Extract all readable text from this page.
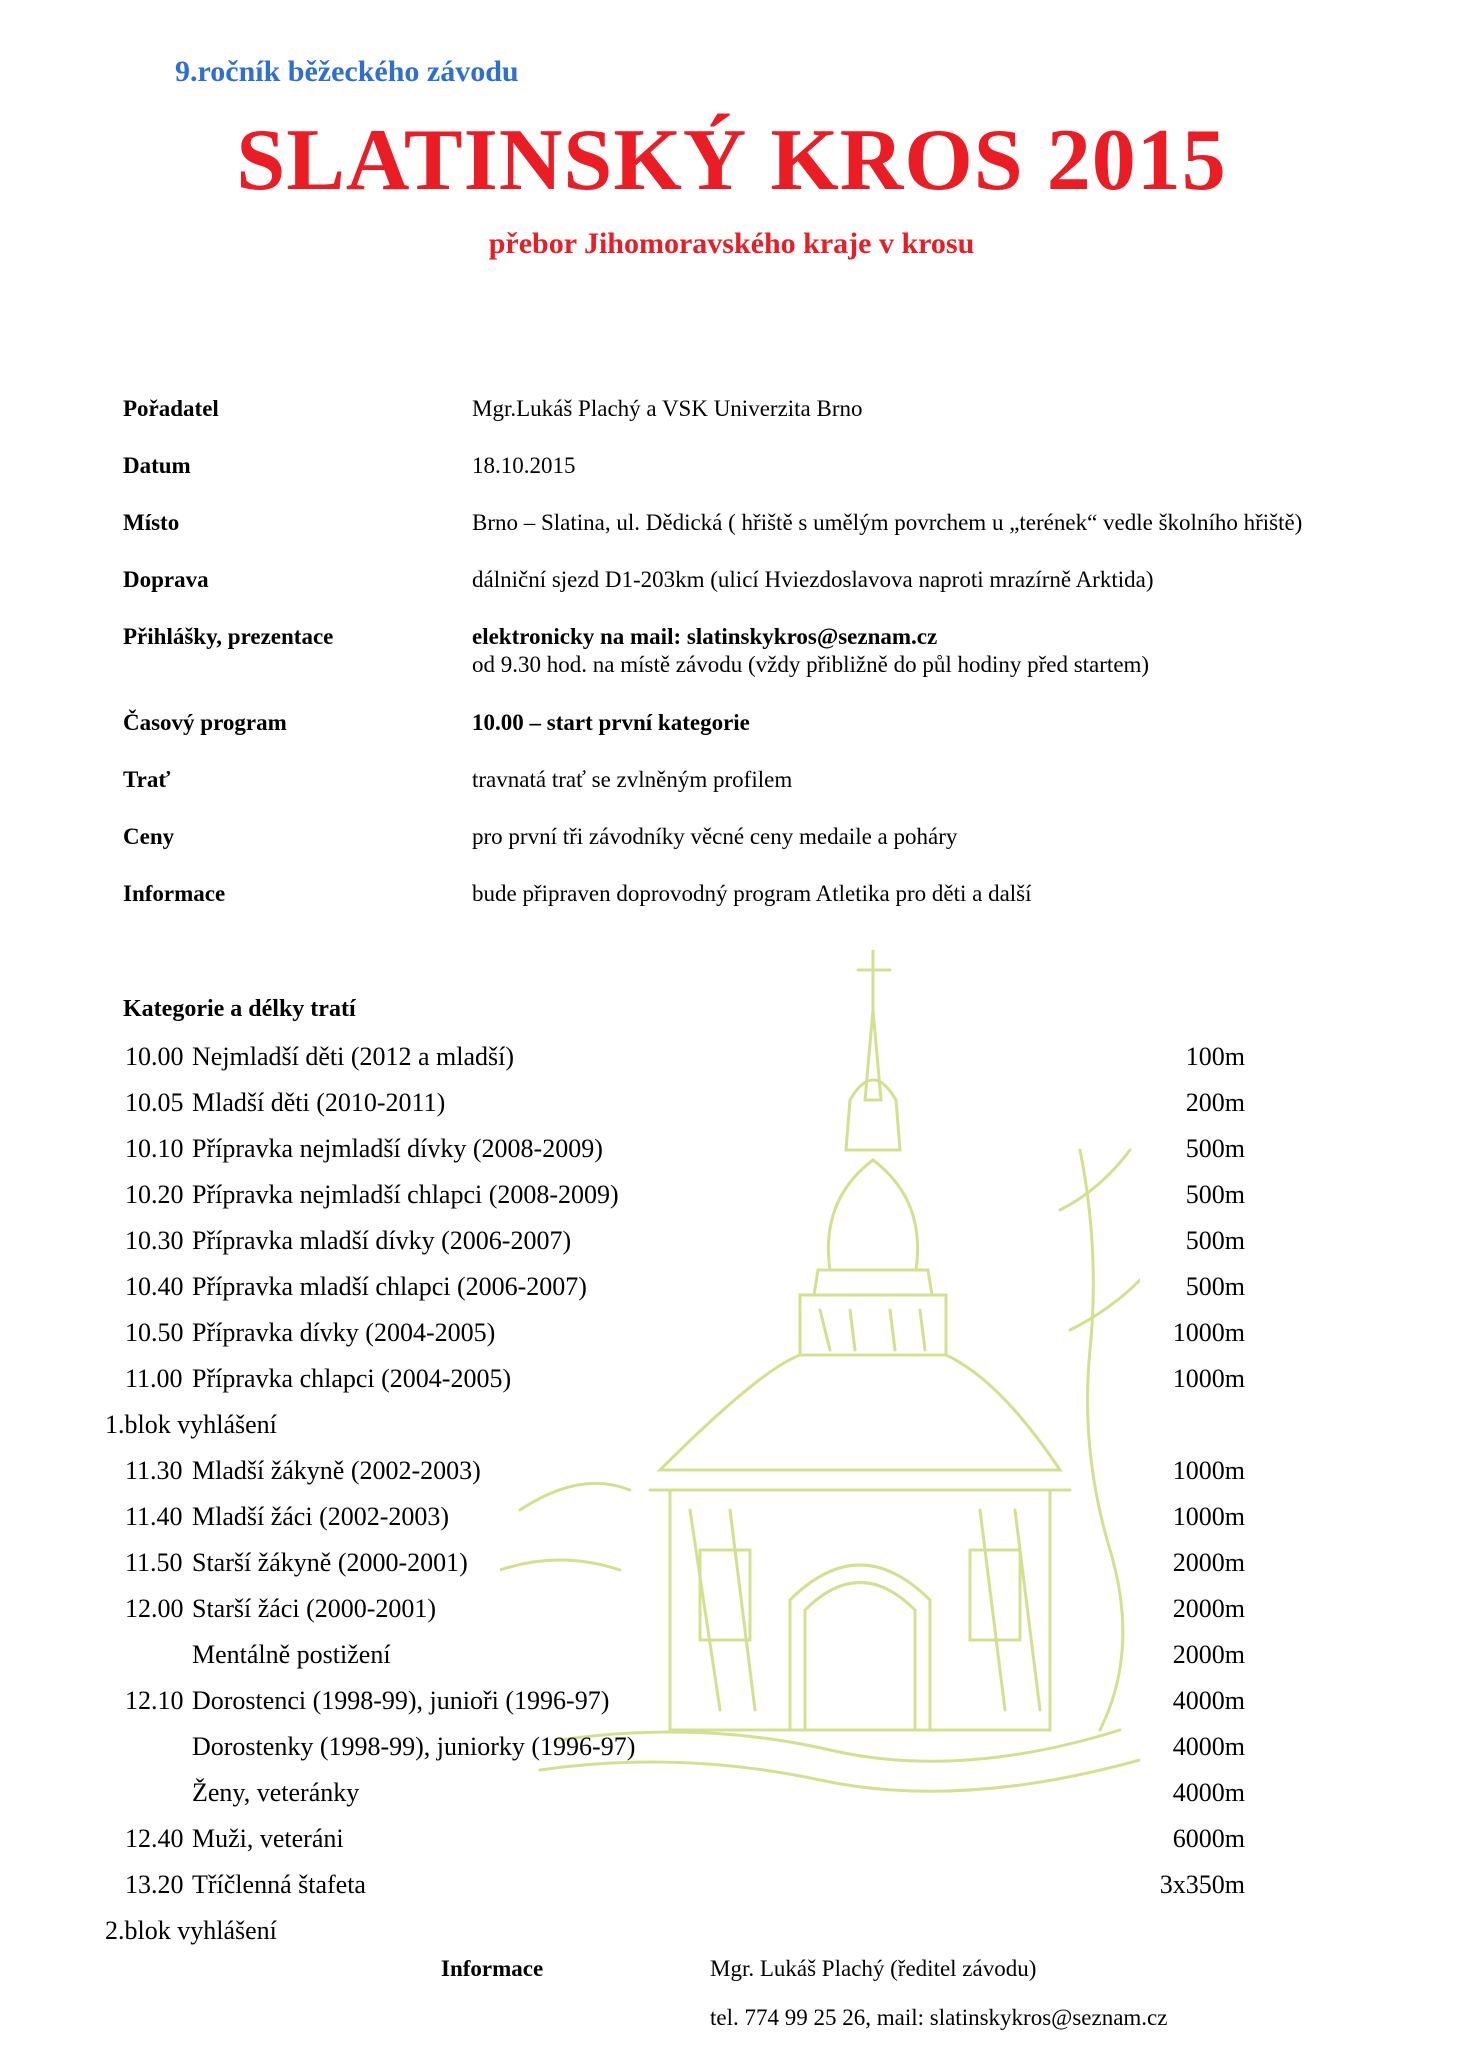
9.ročník běžeckého závodu
SLATINSKÝ KROS 2015
přebor Jihomoravského kraje v krosu
Pořadatel	Mgr.Lukáš Plachý a VSK Univerzita Brno
Datum	18.10.2015
Místo	Brno – Slatina, ul. Dědická ( hřiště s umělým povrchem u „terének“ vedle školního hřiště)
Doprava	dálniční sjezd D1-203km (ulicí Hviezdoslavova naproti mrazírně Arktida)
Přihlášky, prezentace	elektronicky na mail: slatinskykros@seznam.cz
od 9.30 hod. na místě závodu (vždy přibližně do půl hodiny před startem)
Časový program	10.00 – start první kategorie
Trať	travnatá trať se zvlněným profilem
Ceny	pro první tři závodníky věcné ceny medaile a poháry
Informace	bude připraven doprovodný program Atletika pro děti a další
Kategorie a délky tratí
10.00 Nejmladší děti (2012 a mladší)	100m
10.05 Mladší děti (2010-2011)	200m
10.10 Přípravka nejmladší dívky (2008-2009)	500m
10.20 Přípravka nejmladší chlapci (2008-2009)	500m
10.30 Přípravka mladší dívky (2006-2007)	500m
10.40 Přípravka mladší chlapci (2006-2007)	500m
10.50 Přípravka dívky (2004-2005)	1000m
11.00 Přípravka chlapci (2004-2005)	1000m
1.blok vyhlášení
11.30 Mladší žákyně (2002-2003)	1000m
11.40 Mladší žáci (2002-2003)	1000m
11.50 Starší žákyně (2000-2001)	2000m
12.00 Starší žáci (2000-2001)	2000m
Mentálně postižení	2000m
12.10 Dorostenci (1998-99), junioři (1996-97)	4000m
Dorostenky (1998-99), juniorky (1996-97)	4000m
Ženy, veteránky	4000m
12.40 Muži, veteráni	6000m
13.20 Tříčlenná štafeta	3x350m
2.blok vyhlášení
Informace	Mgr. Lukáš Plachý (ředitel závodu)
tel. 774 99 25 26, mail: slatinskykros@seznam.cz
